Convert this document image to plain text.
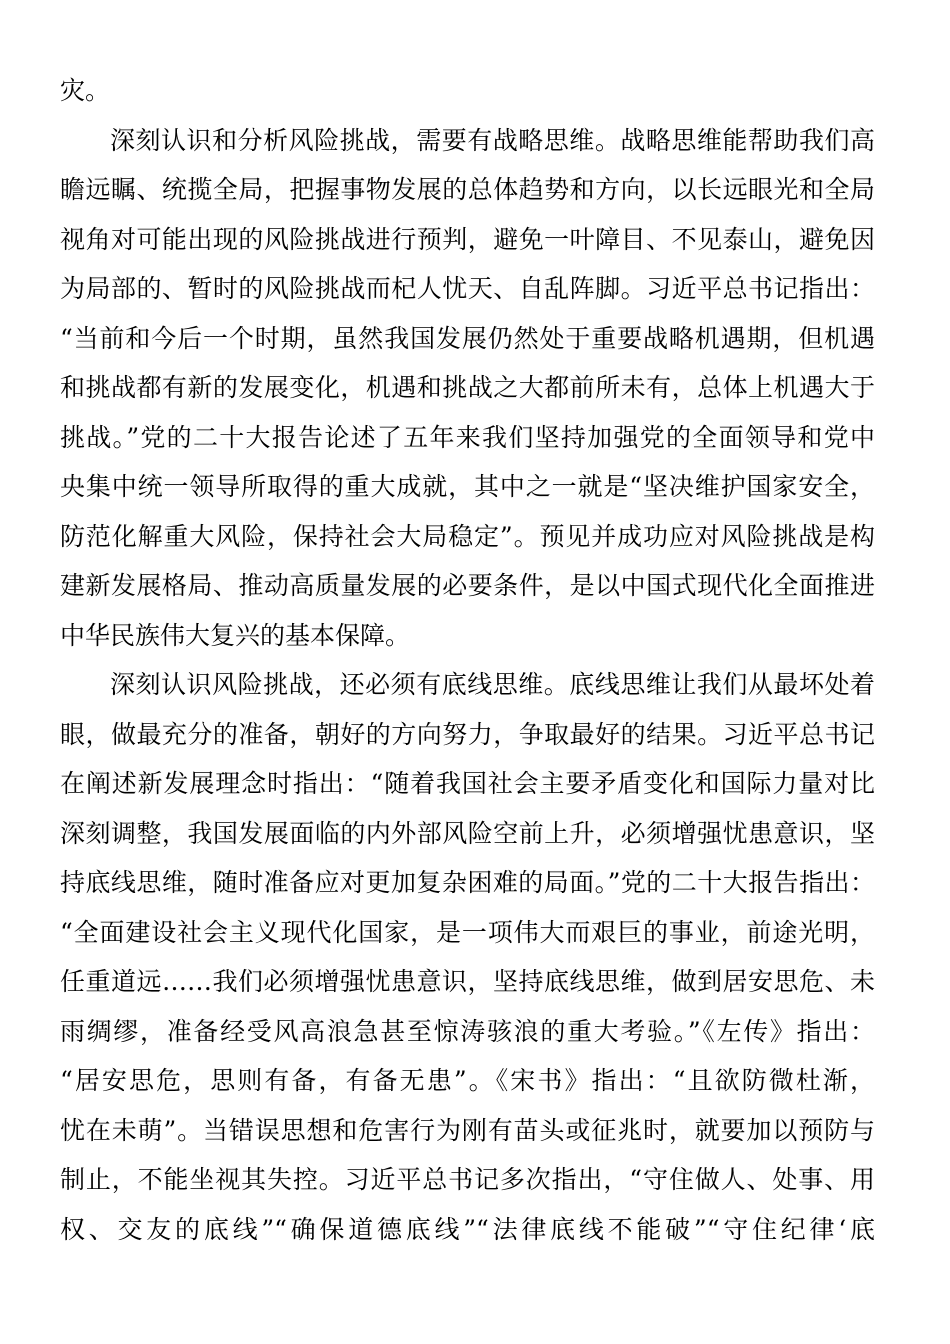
灾。
深刻认识和分析风险挑战，需要有战略思维。战略思维能帮助我们高
瞻远瞩、统揽全局，把握事物发展的总体趋势和方向，以长远眼光和全局
视角对可能出现的风险挑战进行预判，避免一叶障目、不见泰山，避免因
为局部的、暂时的风险挑战而杞人忧天、自乱阵脚。习近平总书记指出：
“当前和今后一个时期，虽然我国发展仍然处于重要战略机遇期，但机遇
和挑战都有新的发展变化，机遇和挑战之大都前所未有，总体上机遇大于
挑战。”党的二十大报告论述了五年来我们坚持加强党的全面领导和党中
央集中统一领导所取得的重大成就，其中之一就是“坚决维护国家安全，
防范化解重大风险，保持社会大局稳定”。预见并成功应对风险挑战是构
建新发展格局、推动高质量发展的必要条件，是以中国式现代化全面推进
中华民族伟大复兴的基本保障。
深刻认识风险挑战，还必须有底线思维。底线思维让我们从最坏处着
眼，做最充分的准备，朝好的方向努力，争取最好的结果。习近平总书记
在阐述新发展理念时指出：“随着我国社会主要矛盾变化和国际力量对比
深刻调整，我国发展面临的内外部风险空前上升，必须增强忧患意识，坚
持底线思维，随时准备应对更加复杂困难的局面。”党的二十大报告指出：
“全面建设社会主义现代化国家，是一项伟大而艰巨的事业，前途光明，
任重道远……我们必须增强忧患意识，坚持底线思维，做到居安思危、未
雨绸缪，准备经受风高浪急甚至惊涛骇浪的重大考验。”《左传》指出：
“居安思危，思则有备，有备无患”。《宋书》指出：“且欲防微杜渐，
忧在未萌”。当错误思想和危害行为刚有苗头或征兆时，就要加以预防与
制止，不能坐视其失控。习近平总书记多次指出，“守住做人、处事、用
权、交友的底线”“确保道德底线”“法律底线不能破”“守住纪律‘底
